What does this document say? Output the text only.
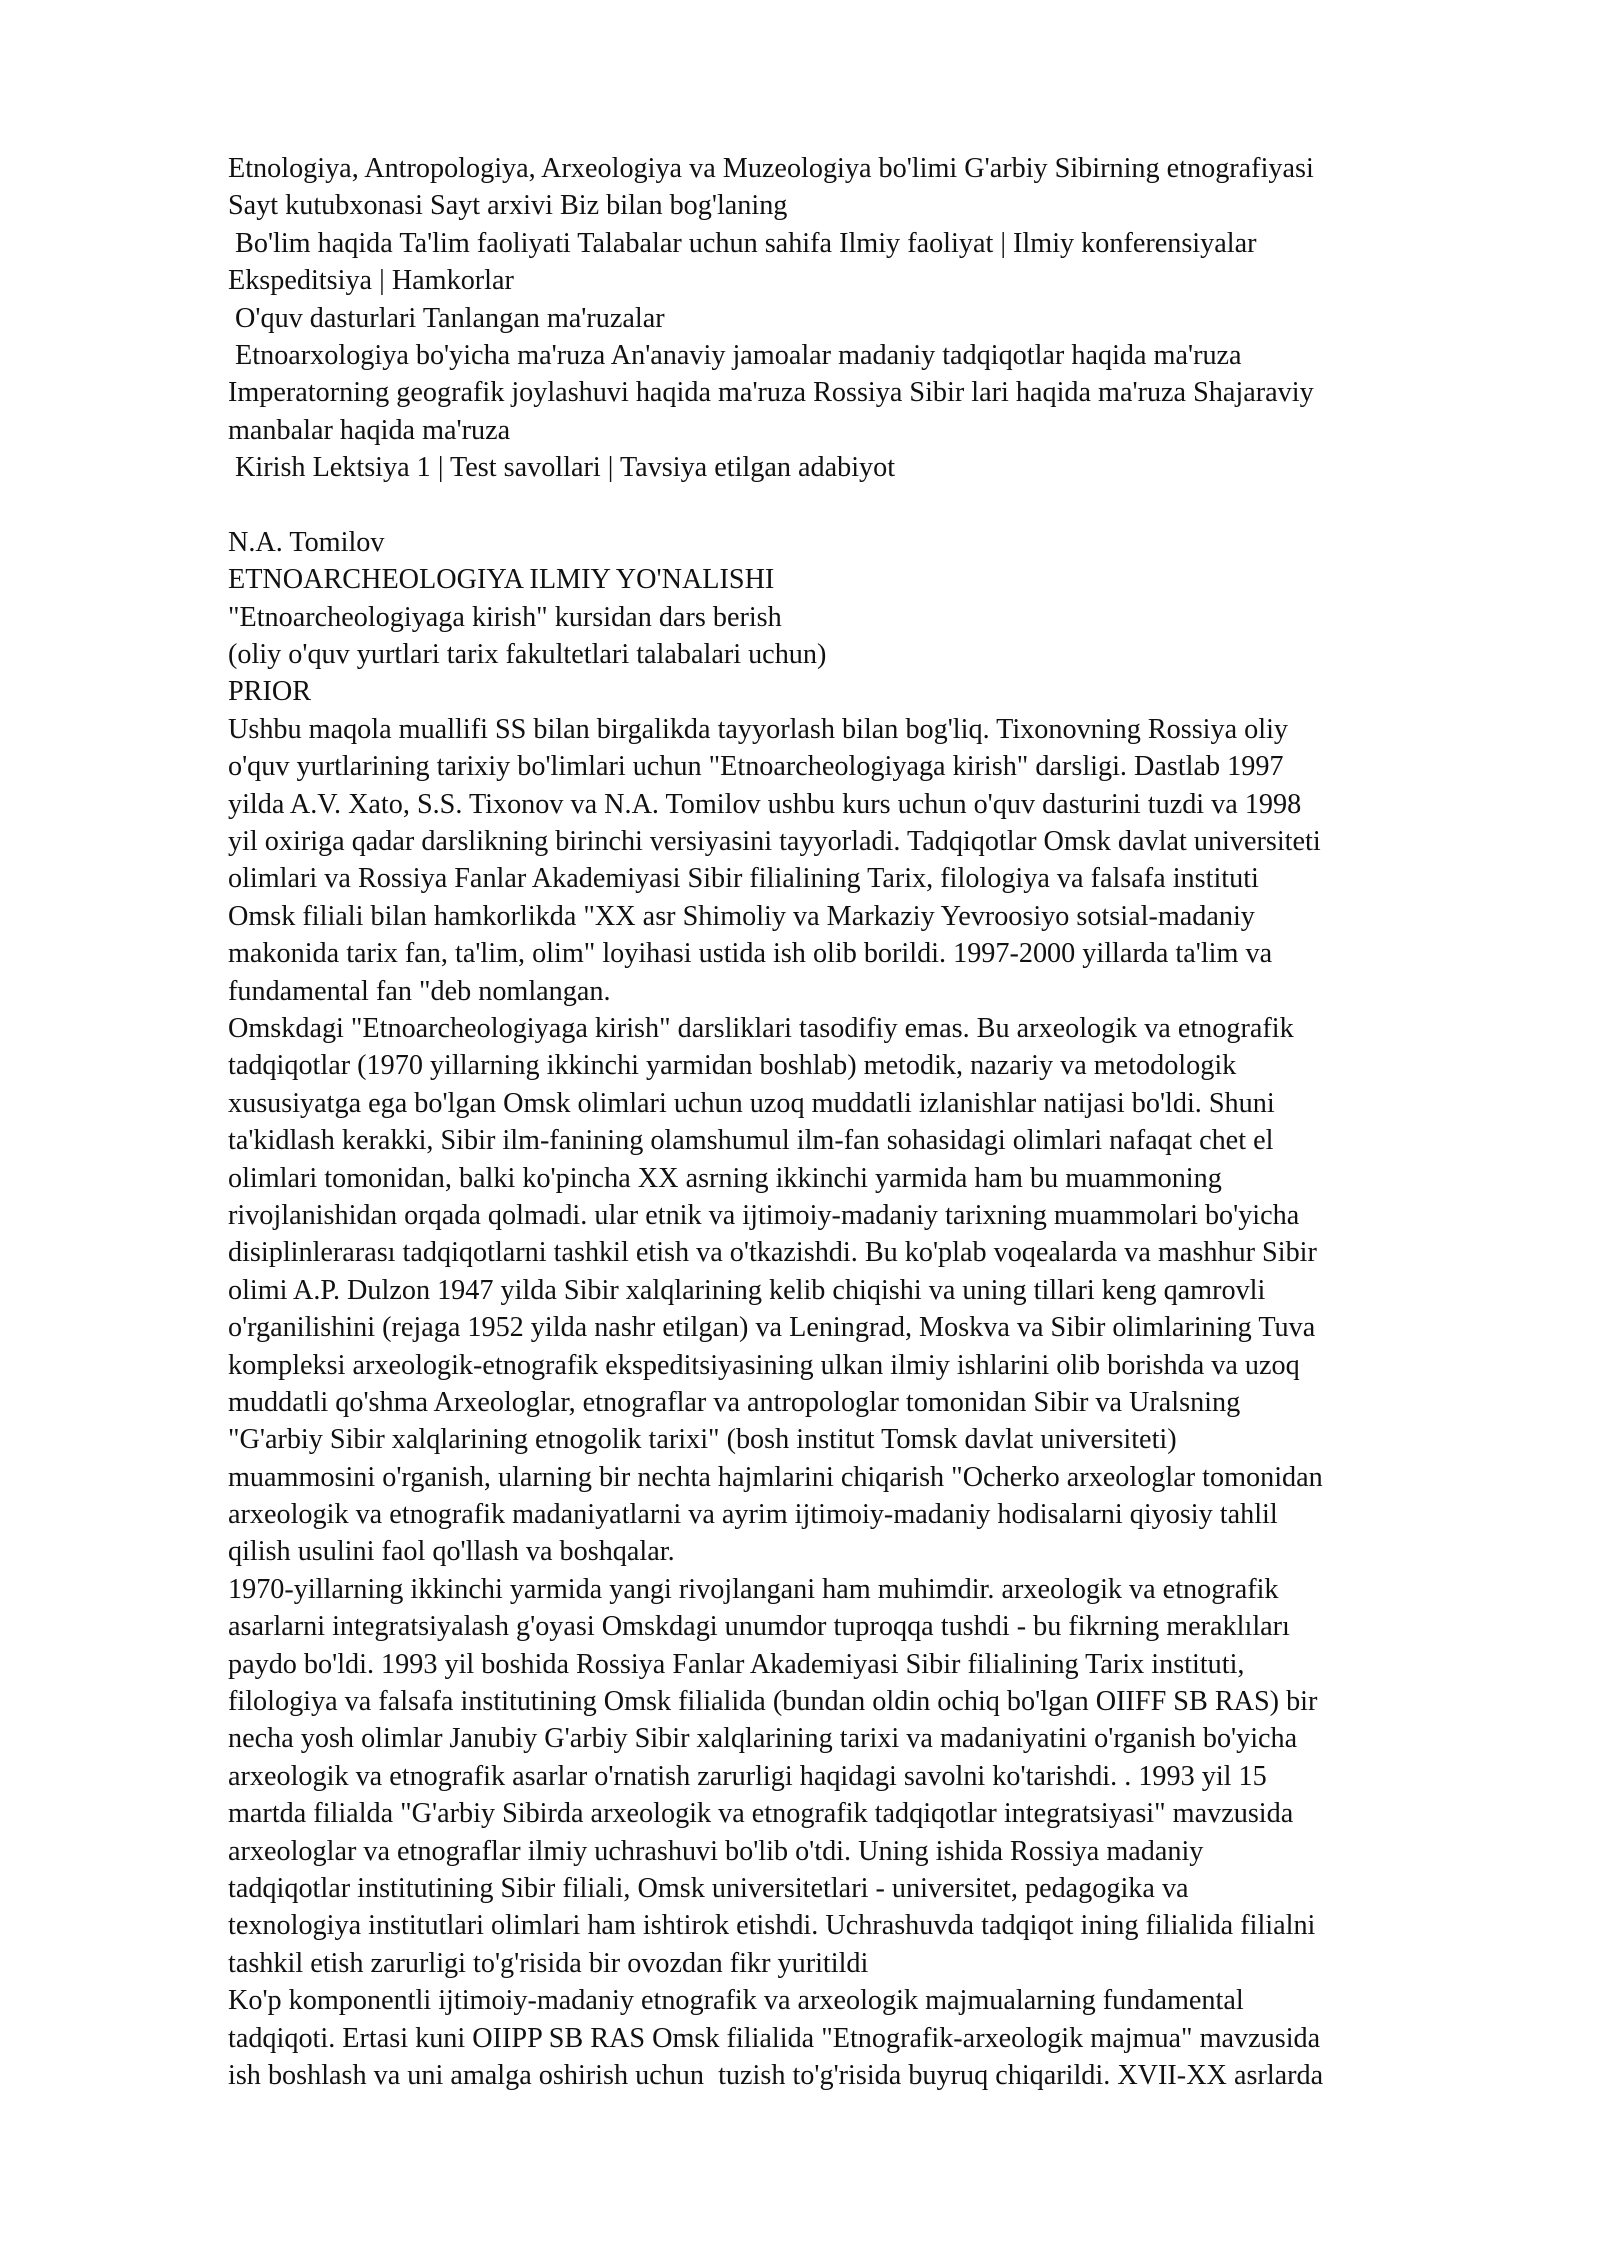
Etnologiya, Antropologiya, Arxeologiya va Muzeologiya bo'limi G'arbiy Sibirning etnografiyasi
Sayt kutubxonasi Sayt arxivi Biz bilan bog'laning
Bo'lim haqida Ta'lim faoliyati Talabalar uchun sahifa Ilmiy faoliyat | Ilmiy konferensiyalar
Ekspeditsiya | Hamkorlar
O'quv dasturlari Tanlangan ma'ruzalar
Etnoarxologiya bo'yicha ma'ruza An'anaviy jamoalar madaniy tadqiqotlar haqida ma'ruza
Imperatorning geografik joylashuvi haqida ma'ruza Rossiya Sibir lari haqida ma'ruza Shajaraviy
manbalar haqida ma'ruza
Kirish Lektsiya 1 | Test savollari | Tavsiya etilgan adabiyot
N.A. Tomilov
ETNOARCHEOLOGIYA ILMIY YO'NALISHI
"Etnoarcheologiyaga kirish" kursidan dars berish
(oliy o'quv yurtlari tarix fakultetlari talabalari uchun)
PRIOR
Ushbu maqola muallifi SS bilan birgalikda tayyorlash bilan bog'liq. Tixonovning Rossiya oliy
o'quv yurtlarining tarixiy bo'limlari uchun "Etnoarcheologiyaga kirish" darsligi. Dastlab 1997
yilda A.V. Xato, S.S. Tixonov va N.A. Tomilov ushbu kurs uchun o'quv dasturini tuzdi va 1998
yil oxiriga qadar darslikning birinchi versiyasini tayyorladi. Tadqiqotlar Omsk davlat universiteti
olimlari va Rossiya Fanlar Akademiyasi Sibir filialining Tarix, filologiya va falsafa instituti
Omsk filiali bilan hamkorlikda "XX asr Shimoliy va Markaziy Yevroosiyo sotsial-madaniy
makonida tarix fan, ta'lim, olim" loyihasi ustida ish olib borildi. 1997-2000 yillarda ta'lim va
fundamental fan "deb nomlangan.
Omskdagi "Etnoarcheologiyaga kirish" darsliklari tasodifiy emas. Bu arxeologik va etnografik
tadqiqotlar (1970 yillarning ikkinchi yarmidan boshlab) metodik, nazariy va metodologik
xususiyatga ega bo'lgan Omsk olimlari uchun uzoq muddatli izlanishlar natijasi bo'ldi. Shuni
ta'kidlash kerakki, Sibir ilm-fanining olamshumul ilm-fan sohasidagi olimlari nafaqat chet el
olimlari tomonidan, balki ko'pincha XX asrning ikkinchi yarmida ham bu muammoning
rivojlanishidan orqada qolmadi. ular etnik va ijtimoiy-madaniy tarixning muammolari bo'yicha
disiplinlerarası tadqiqotlarni tashkil etish va o'tkazishdi. Bu ko'plab voqealarda va mashhur Sibir
olimi A.P. Dulzon 1947 yilda Sibir xalqlarining kelib chiqishi va uning tillari keng qamrovli
o'rganilishini (rejaga 1952 yilda nashr etilgan) va Leningrad, Moskva va Sibir olimlarining Tuva
kompleksi arxeologik-etnografik ekspeditsiyasining ulkan ilmiy ishlarini olib borishda va uzoq
muddatli qo'shma Arxeologlar, etnograflar va antropologlar tomonidan Sibir va Uralsning
"G'arbiy Sibir xalqlarining etnogolik tarixi" (bosh institut Tomsk davlat universiteti)
muammosini o'rganish, ularning bir nechta hajmlarini chiqarish "Ocherko arxeologlar tomonidan
arxeologik va etnografik madaniyatlarni va ayrim ijtimoiy-madaniy hodisalarni qiyosiy tahlil
qilish usulini faol qo'llash va boshqalar.
1970-yillarning ikkinchi yarmida yangi rivojlangani ham muhimdir. arxeologik va etnografik
asarlarni integratsiyalash g'oyasi Omskdagi unumdor tuproqqa tushdi - bu fikrning meraklıları
paydo bo'ldi. 1993 yil boshida Rossiya Fanlar Akademiyasi Sibir filialining Tarix instituti,
filologiya va falsafa institutining Omsk filialida (bundan oldin ochiq bo'lgan OIIFF SB RAS) bir
necha yosh olimlar Janubiy G'arbiy Sibir xalqlarining tarixi va madaniyatini o'rganish bo'yicha
arxeologik va etnografik asarlar o'rnatish zarurligi haqidagi savolni ko'tarishdi. . 1993 yil 15
martda filialda "G'arbiy Sibirda arxeologik va etnografik tadqiqotlar integratsiyasi" mavzusida
arxeologlar va etnograflar ilmiy uchrashuvi bo'lib o'tdi. Uning ishida Rossiya madaniy
tadqiqotlar institutining Sibir filiali, Omsk universitetlari - universitet, pedagogika va
texnologiya institutlari olimlari ham ishtirok etishdi. Uchrashuvda tadqiqot ining filialida filialni
tashkil etish zarurligi to'g'risida bir ovozdan fikr yuritildi
Ko'p komponentli ijtimoiy-madaniy etnografik va arxeologik majmualarning fundamental
tadqiqoti. Ertasi kuni OIIPP SB RAS Omsk filialida "Etnografik-arxeologik majmua" mavzusida
ish boshlash va uni amalga oshirish uchun  tuzish to'g'risida buyruq chiqarildi. XVII-XX asrlarda
